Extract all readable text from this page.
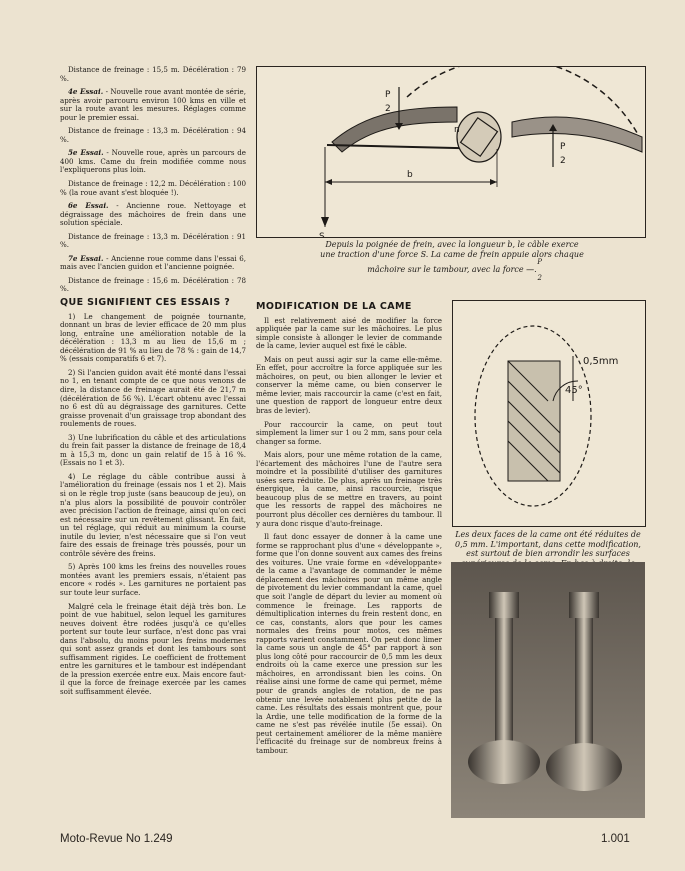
Distance de freinage : 15,5 m. Décélération : 79 %.

4e Essai. - Nouvelle roue avant montée de série, après avoir parcouru environ 100 kms en ville et sur la route avant les mesures. Réglages comme pour le premier essai.

Distance de freinage : 13,3 m. Décélération : 94 %.

5e Essai. - Nouvelle roue, après un parcours de 400 kms. Came du frein modifiée comme nous l'expliquerons plus loin.

Distance de freinage : 12,2 m. Décélération : 100 % (la roue avant s'est bloquée !).

6e Essai. - Ancienne roue. Nettoyage et dégraissage des mâchoires de frein dans une solution spéciale.

Distance de freinage : 13,3 m. Décélération : 91 %.

7e Essai. - Ancienne roue comme dans l'essai 6, mais avec l'ancien guidon et l'ancienne poignée.

Distance de freinage : 15,6 m. Décélération : 78 %.

QUE SIGNIFIENT CES ESSAIS ?

1) Le changement de poignée tournante, donnant un bras de levier efficace de 20 mm plus long, entraîne une amélioration notable de la décélération : 13,3 m au lieu de 15,6 m ; décélération de 91 % au lieu de 78 % : gain de 14,7 % (essais comparatifs 6 et 7).

2) Si l'ancien guidon avait été monté dans l'essai no 1, en tenant compte de ce que nous venons de dire, la distance de freinage aurait été de 21,7 m (décélération de 56 %). L'écart obtenu avec l'essai no 6 est dû au dégraissage des garnitures. Cette graisse provenait d'un graissage trop abondant des roulements de roues.

3) Une lubrification du câble et des articulations du frein fait passer la distance de freinage de 18,4 m à 15,3 m, donc un gain relatif de 15 à 16 %. (Essais no 1 et 3).

4) Le réglage du câble contribue aussi à l'amélioration du freinage (essais nos 1 et 2). Mais si on le règle trop juste (sans beaucoup de jeu), on n'a plus alors la possibilité de pouvoir contrôler avec précision l'action de freinage, ainsi qu'on ceci est nécessaire sur un revêtement glissant. En fait, un tel réglage, qui réduit au minimum la course inutile du levier, n'est nécessaire que si l'on veut faire des essais de freinage très poussés, pour un contrôle sévère des freins.

5) Après 100 kms les freins des nouvelles roues montées avant les premiers essais, n'étaient pas encore « rodés ». Les garnitures ne portaient pas sur toute leur surface.

Malgré cela le freinage était déjà très bon. Le point de vue habituel, selon lequel les garnitures neuves doivent être rodées jusqu'à ce qu'elles portent sur toute leur surface, n'est donc pas vrai dans l'absolu, du moins pour les freins modernes qui sont assez grands et dont les tambours sont suffisamment rigides. Le coefficient de frottement entre les garnitures et le tambour est indépendant de la pression exercée entre eux. Mais encore faut-il que la force de freinage exercée par les cames soit suffisamment élevée.

P
2
P
2
n
b
S
Depuis la poignée de frein, avec la longueur b, le câble exerce
une traction d'une force S. La came de frein appuie alors chaque
P
mâchoire sur le tambour, avec la force —.
2

MODIFICATION DE LA CAME

Il est relativement aisé de modifier la force appliquée par la came sur les mâchoires. Le plus simple consiste à allonger le levier de commande de la came, levier auquel est fixé le câble.

Mais on peut aussi agir sur la came elle-même. En effet, pour accroître la force appliquée sur les mâchoires, on peut, ou bien allonger le levier et conserver la même came, ou bien conserver le même levier, mais raccourcir la came (c'est en fait, une question de rapport de longueur entre deux bras de levier).

Pour raccourcir la came, on peut tout simplement la limer sur 1 ou 2 mm, sans pour cela changer sa forme.

Mais alors, pour une même rotation de la came, l'écartement des mâchoires l'une de l'autre sera moindre et la possibilité d'utiliser des garnitures usées sera réduite. De plus, après un freinage très énergique, la came, ainsi raccourcie, risque beaucoup plus de se mettre en travers, au point que les ressorts de rappel des mâchoires ne pourront plus décoller ces dernières du tambour. Il y aura donc risque d'auto-freinage.

Il faut donc essayer de donner à la came une forme se rapprochant plus d'une « développante », forme que l'on donne souvent aux cames des freins des voitures. Une vraie forme en «développante» de la came a l'avantage de commander le même déplacement des mâchoires pour un même angle de pivotement du levier commandant la came, quel que soit l'angle de départ du levier au moment où commence le freinage. Les rapports de démultiplication internes du frein restent donc, en ce cas, constants, alors que pour les cames normales des freins pour motos, ces mêmes rapports varient constamment. On peut donc limer la came sous un angle de 45° par rapport à son plus long côté pour raccourcir de 0,5 mm les deux endroits où la came exerce une pression sur les mâchoires, en arrondissant bien les coins. On réalise ainsi une forme de came qui permet, même pour de grands angles de rotation, de ne pas obtenir une levée notablement plus petite de la came. Les résultats des essais montrent que, pour la Ardie, une telle modification de la forme de la came ne s'est pas révélée inutile (5e essai). On peut certainement améliorer de la même manière l'efficacité du freinage sur de nombreux freins à tambour.

0,5mm
45°
Les deux faces de la came ont été réduites de 0,5 mm. L'important, dans cette modification, est surtout de bien arrondir les surfaces
Moto-Revue No 1.249	1.001
